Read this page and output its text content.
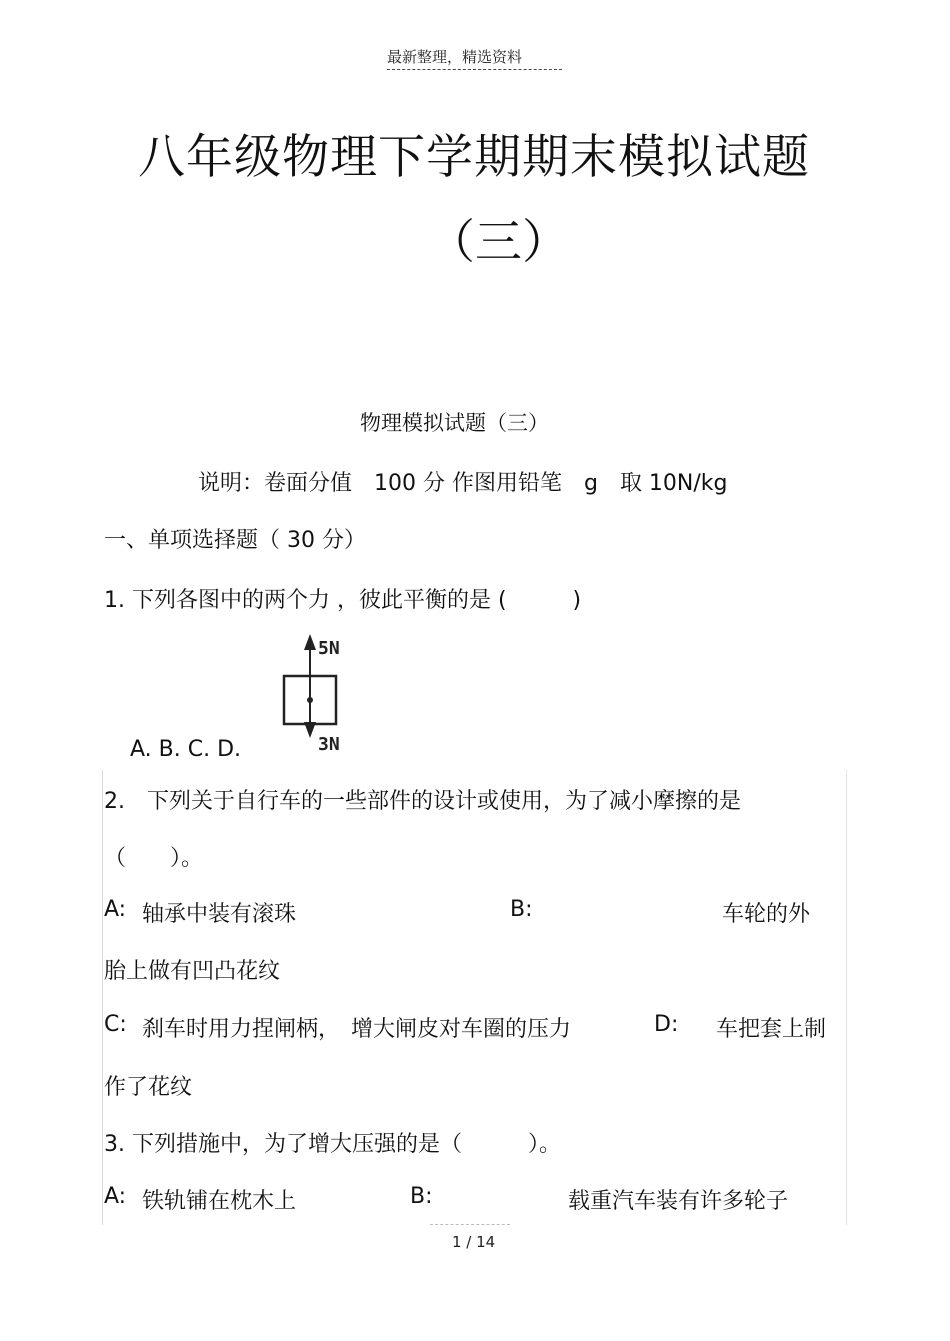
最新整理，精选资料
八年级物理下学期期末模拟试题
（三）
物理模拟试题（三）
说明：卷面分值　100 分 作图用铅笔　g　取 10N/kg
一、单项选择题（ 30 分）
1. 下列各图中的两个力 ，彼此平衡的是 (　　　)
5N
3N
A. B. C. D.
2.　下列关于自行车的一些部件的设计或使用，为了减小摩擦的是
（　　）。
A: 轴承中装有滚珠	B:	车轮的外
胎上做有凹凸花纹
C: 刹车时用力捏闸柄，　增大闸皮对车圈的压力	D: 车把套上制
作了花纹
3. 下列措施中，为了增大压强的是（　　　）。
A: 铁轨铺在枕木上	B:	载重汽车装有许多轮子
1 / 14
